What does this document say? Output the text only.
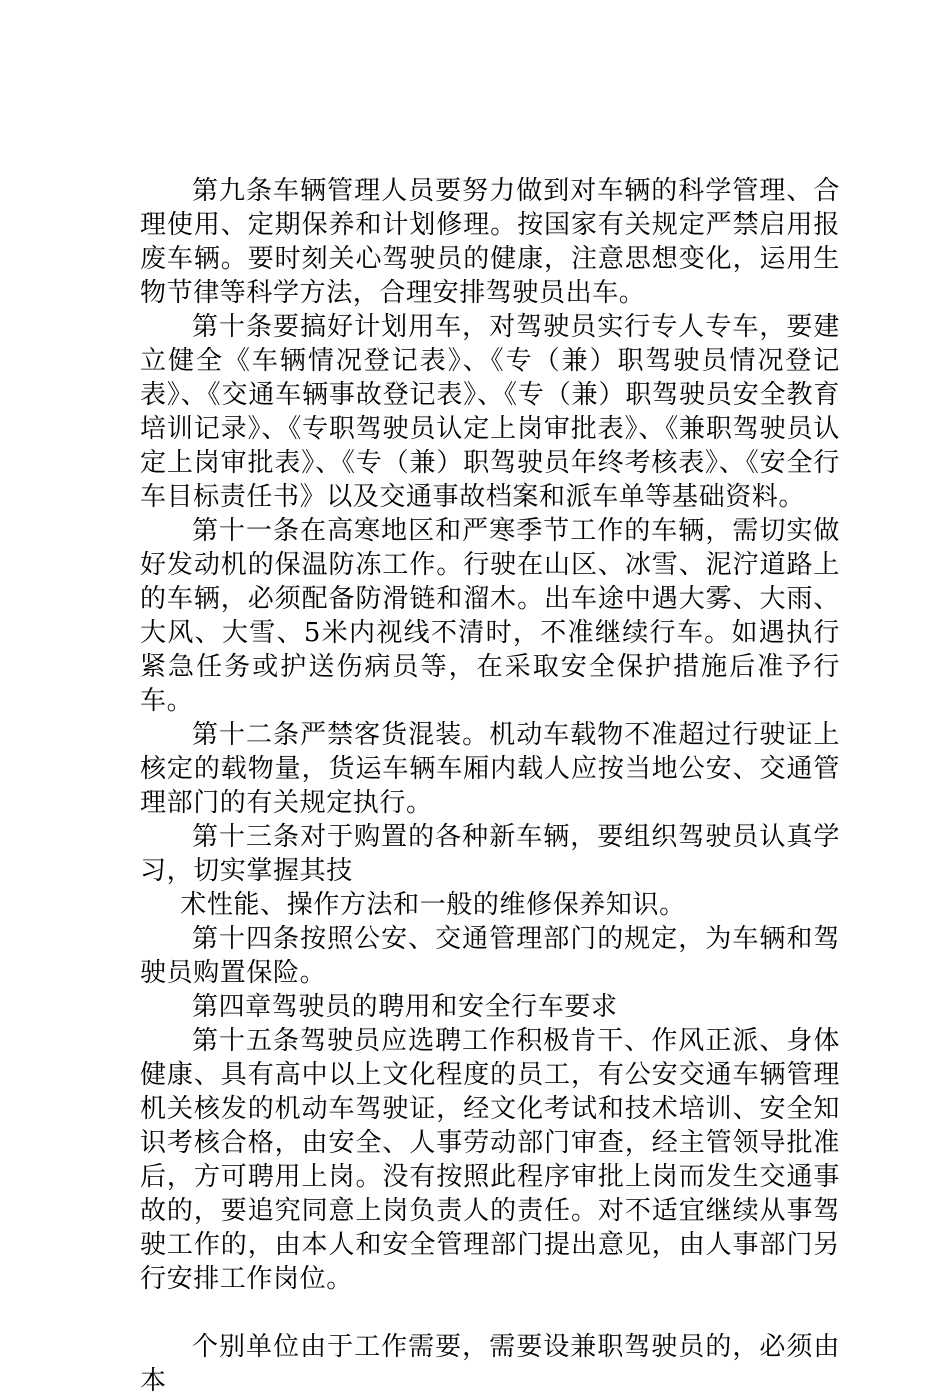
第九条车辆管理人员要努力做到对车辆的科学管理、合理使用、定期保养和计划修理。按国家有关规定严禁启用报废车辆。要时刻关心驾驶员的健康，注意思想变化，运用生物节律等科学方法，合理安排驾驶员出车。

第十条要搞好计划用车，对驾驶员实行专人专车，要建立健全《车辆情况登记表》、《专（兼）职驾驶员情况登记表》、《交通车辆事故登记表》、《专（兼）职驾驶员安全教育培训记录》、《专职驾驶员认定上岗审批表》、《兼职驾驶员认定上岗审批表》、《专（兼）职驾驶员年终考核表》、《安全行车目标责任书》以及交通事故档案和派车单等基础资料。

第十一条在高寒地区和严寒季节工作的车辆，需切实做好发动机的保温防冻工作。行驶在山区、冰雪、泥泞道路上的车辆，必须配备防滑链和溜木。出车途中遇大雾、大雨、大风、大雪、5米内视线不清时，不准继续行车。如遇执行紧急任务或护送伤病员等，在采取安全保护措施后准予行车。

第十二条严禁客货混装。机动车载物不准超过行驶证上核定的载物量，货运车辆车厢内载人应按当地公安、交通管理部门的有关规定执行。

第十三条对于购置的各种新车辆，要组织驾驶员认真学习，切实掌握其技

术性能、操作方法和一般的维修保养知识。

第十四条按照公安、交通管理部门的规定，为车辆和驾驶员购置保险。

第四章驾驶员的聘用和安全行车要求

第十五条驾驶员应选聘工作积极肯干、作风正派、身体健康、具有高中以上文化程度的员工，有公安交通车辆管理机关核发的机动车驾驶证，经文化考试和技术培训、安全知识考核合格，由安全、人事劳动部门审查，经主管领导批准后，方可聘用上岗。没有按照此程序审批上岗而发生交通事故的，要追究同意上岗负责人的责任。对不适宜继续从事驾驶工作的，由本人和安全管理部门提出意见，由人事部门另行安排工作岗位。

个别单位由于工作需要，需要设兼职驾驶员的，必须由本
